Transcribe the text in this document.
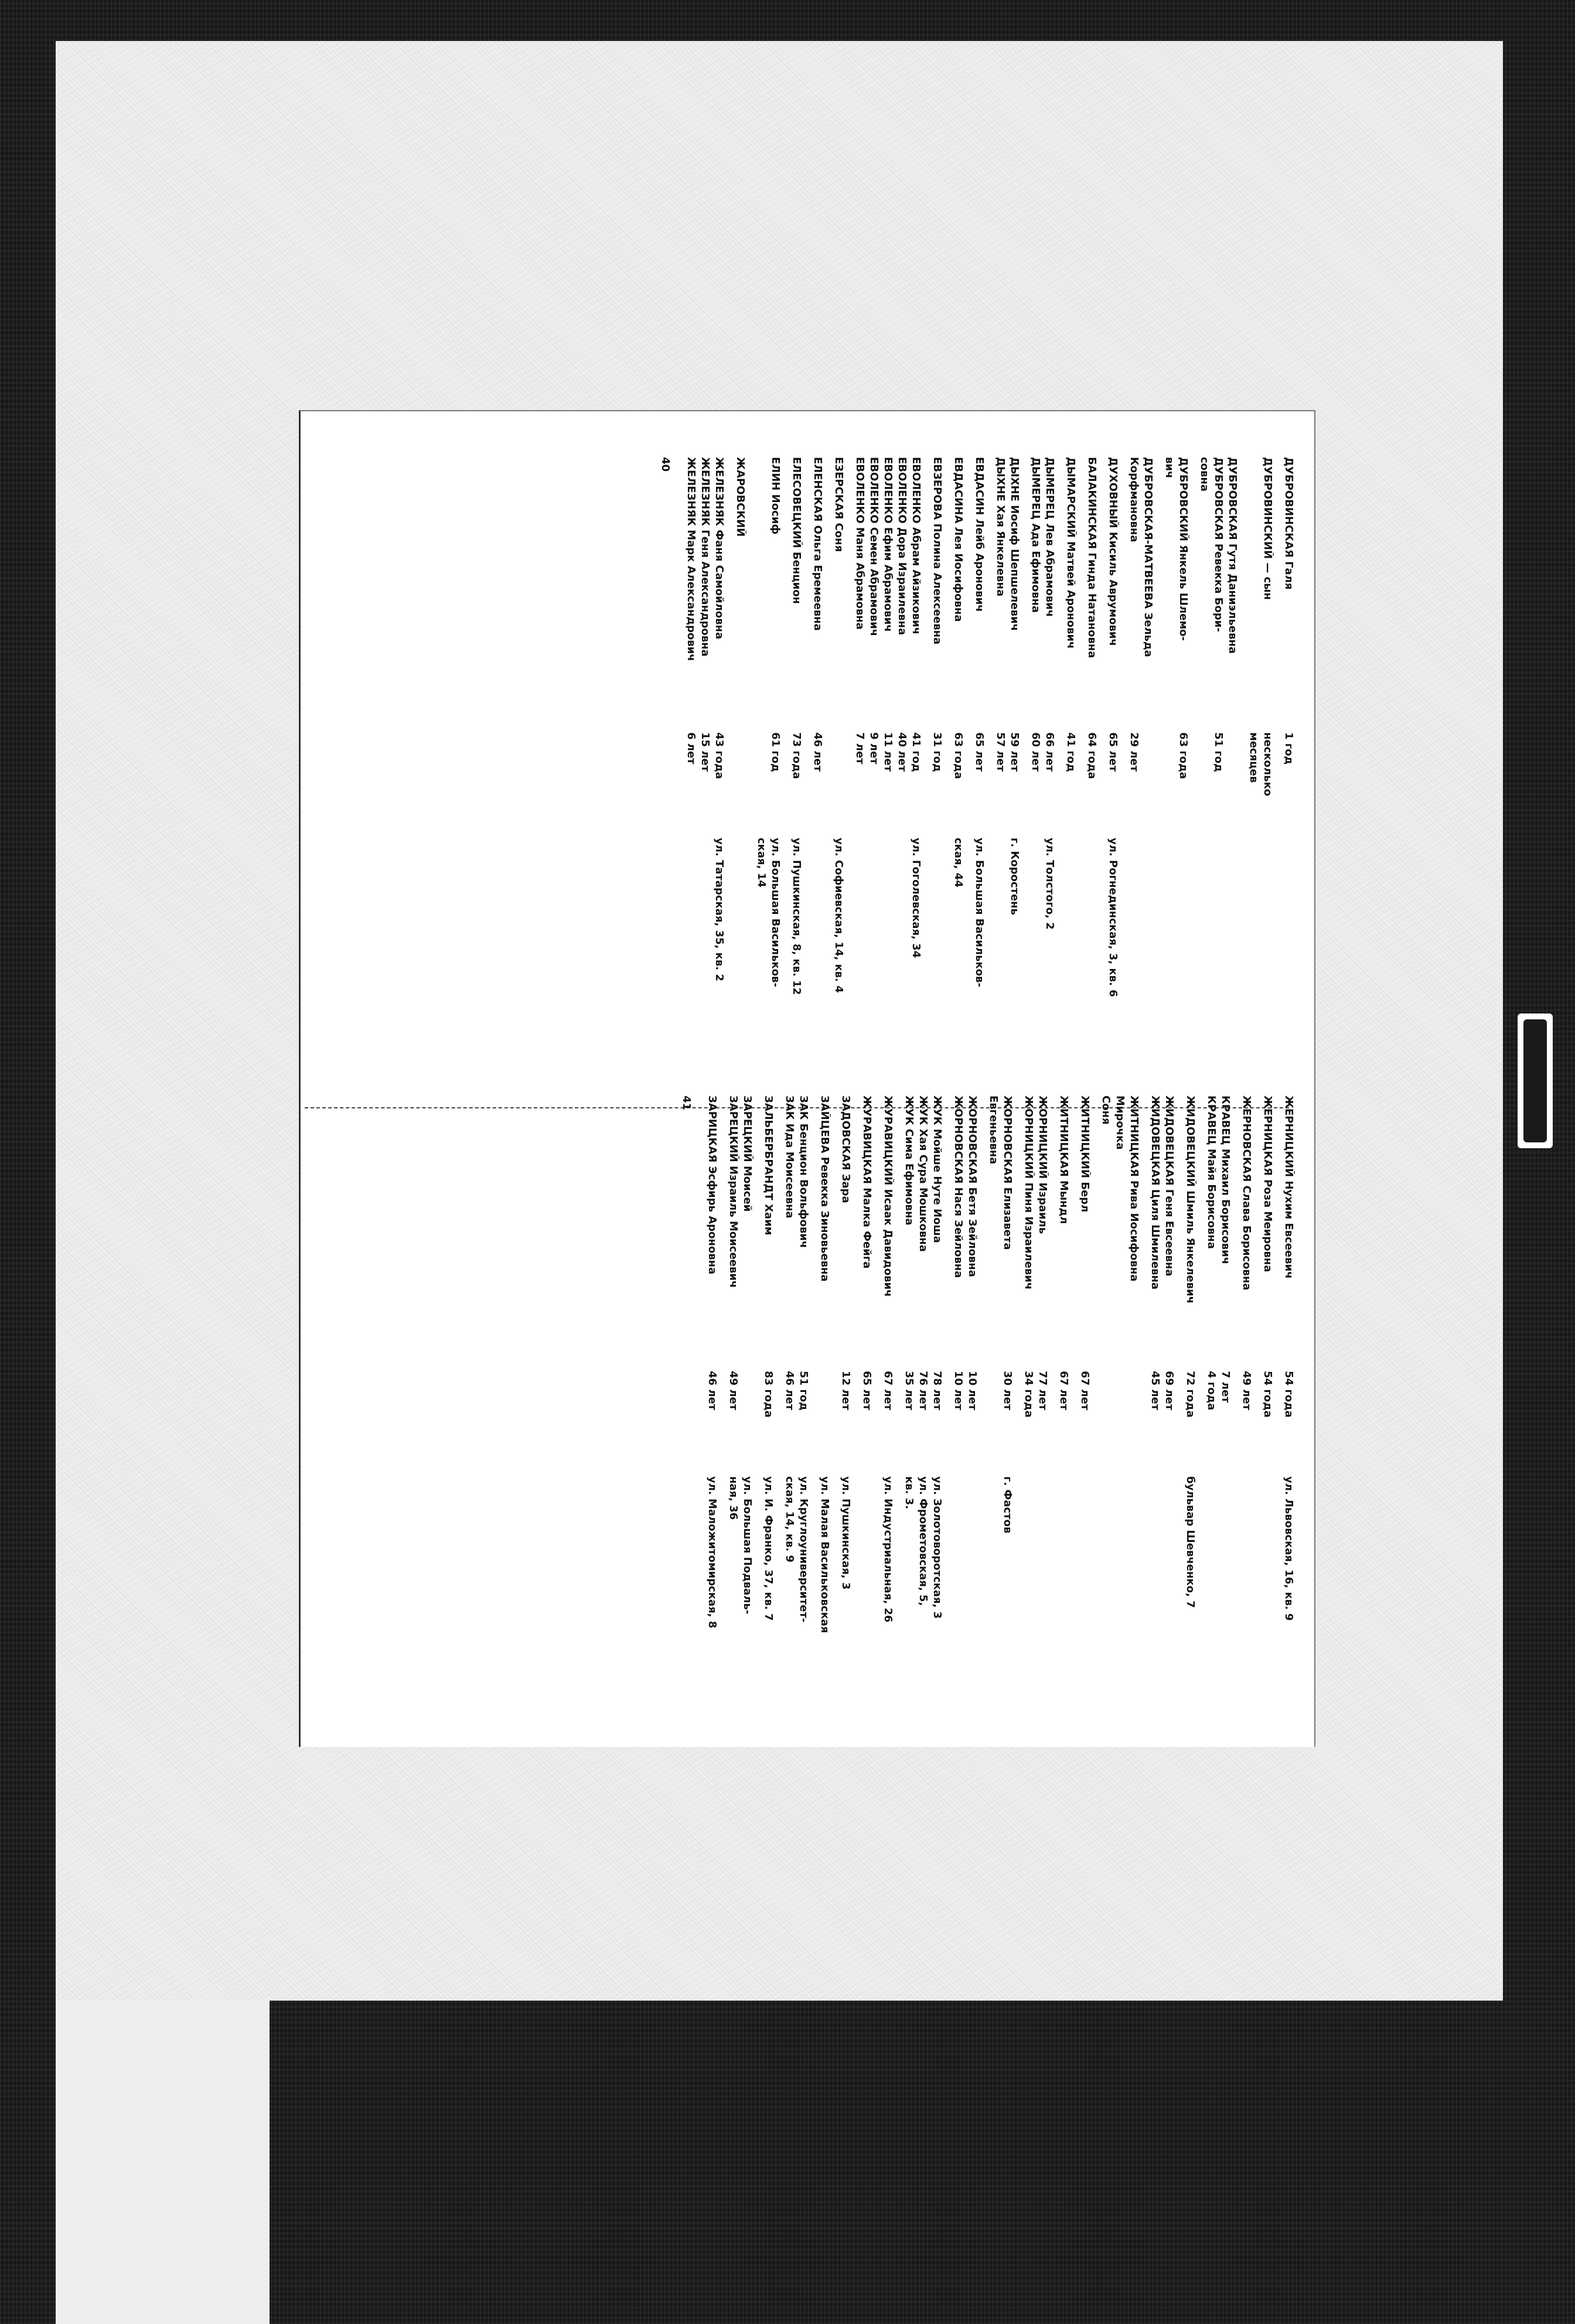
ДУБРОВИНСКАЯ Галя
1 год
ДУБРОВИНСКИЙ — сын
несколько
месяцев
ДУБРОВСКАЯ Гутя Даниэльевна
ДУБРОВСКАЯ Ревекка Бори-
51 год
совна
ДУБРОВСКИЙ Янкель Шлемо-
63 года
вич
ДУБРОВСКАЯ-МАТВЕЕВА Зельда
Корфмановна
29 лет
ДУХОВНЫЙ Кисиль Аврумович
65 лет
ул. Рогнединская, 3, кв. 6
БАЛАКИНСКАЯ Гинда Натановна
64 года
ДЫМАРСКИЙ Матвей Аронович
41 год
ДЫМЕРЕЦ Лев Абрамович
66 лет
ул. Толстого, 2
ДЫМЕРЕЦ Ада Ефимовна
60 лет
ДЫХНЕ Иосиф Шепшелевич
59 лет
г. Коростень
ДЫХНЕ Хая Янкелевна
57 лет
ЕВДАСИН Лейб Аронович
65 лет
ул. Большая Васильков-
ЕВДАСИНА Лея Иосифовна
63 года
ская, 44
ЕВЗЕРОВА Полина Алексеевна
31 год
ЕВОЛЕНКО Абрам Айзикович
41 год
ул. Гоголевская, 34
ЕВОЛЕНКО Дора Израилевна
40 лет
ЕВОЛЕНКО Ефим Абрамович
11 лет
ЕВОЛЕНКО Семен Абрамович
9 лет
ЕВОЛЕНКО Маня Абрамовна
7 лет
ЕЗЕРСКАЯ Соня
ул. Софиевская, 14, кв. 4
ЕЛЕНСКАЯ Ольга Еремеевна
46 лет
ЕЛЕСОВЕЦКИЙ Бенцион
73 года
ул. Пушкинская, 8, кв. 12
ЕЛИН Иосиф
61 год
ул. Большая Васильков-
ская, 14
ЖАРОВСКИЙ
ЖЕЛЕЗНЯК Фаня Самойловна
43 года
ул. Татарская, 35, кв. 2
ЖЕЛЕЗНЯК Геня Александровна
15 лет
ЖЕЛЕЗНЯК Марк Александрович
6 лет
40
ЖЕРНИЦКИЙ Нухим Евсеевич
54 года
ул. Львовская, 16, кв. 9
ЖЕРНИЦКАЯ Роза Меировна
54 года
ЖЕРНОВСКАЯ Слава Борисовна
49 лет
КРАВЕЦ Михаил Борисович
7 лет
КРАВЕЦ Майя Борисовна
4 года
ЖИДОВЕЦКИЙ Шмиль Янкелевич
72 года
бульвар Шевченко, 7
ЖИДОВЕЦКАЯ Геня Евсеевна
69 лет
ЖИДОВЕЦКАЯ Циля Шмилевна
45 лет
ЖИТНИЦКАЯ Рива Иосифовна
Мирочка
Соня
ЖИТНИЦКИЙ Берл
67 лет
ЖИТНИЦКАЯ Мындл
67 лет
ЖОРНИЦКИЙ Израиль
77 лет
ЖОРНИЦКИЙ Пиня Израилевич
34 года
ЖОРНОВСКАЯ Елизавета
30 лет
г. Фастов
Евгеньевна
ЖОРНОВСКАЯ Бетя Зейловна
10 лет
ЖОРНОВСКАЯ Нася Зейловна
10 лет
ЖУК Мойше Нуте Иоша
78 лет
ул. Золотоворотская, 3
ЖУК Хая Сура Мошковна
76 лет
ул. Фрометовская, 5,
ЖУК Сима Ефимовна
35 лет
кв. 3.
ЖУРАВИЦКИЙ Исаак Давидович
67 лет
ул. Индустриальная, 26
ЖУРАВИЦКАЯ Малка Фейга
65 лет
ЗАДОВСКАЯ Зара
12 лет
ул. Пушкинская, 3
ЗАЙЦЕВА Ревекка Зиновьевна
ул. Малая Васильковская
ЗАК Бенцион Вольфович
51 год
ул. Круглоуниверситет-
ЗАК Ида Моисеевна
46 лет
ская, 14, кв. 9
ЗАЛЬБЕРБРАНДТ Хаим
83 года
ул. И. Франко, 37, кв. 7
ЗАРЕЦКИЙ Моисей
ул. Большая Подваль-
ЗАРЕЦКИЙ Израиль Моисеевич
49 лет
ная, 36
ЗАРИЦКАЯ Эсфирь Ароновна
46 лет
ул. Маложитомирская, 8
41
